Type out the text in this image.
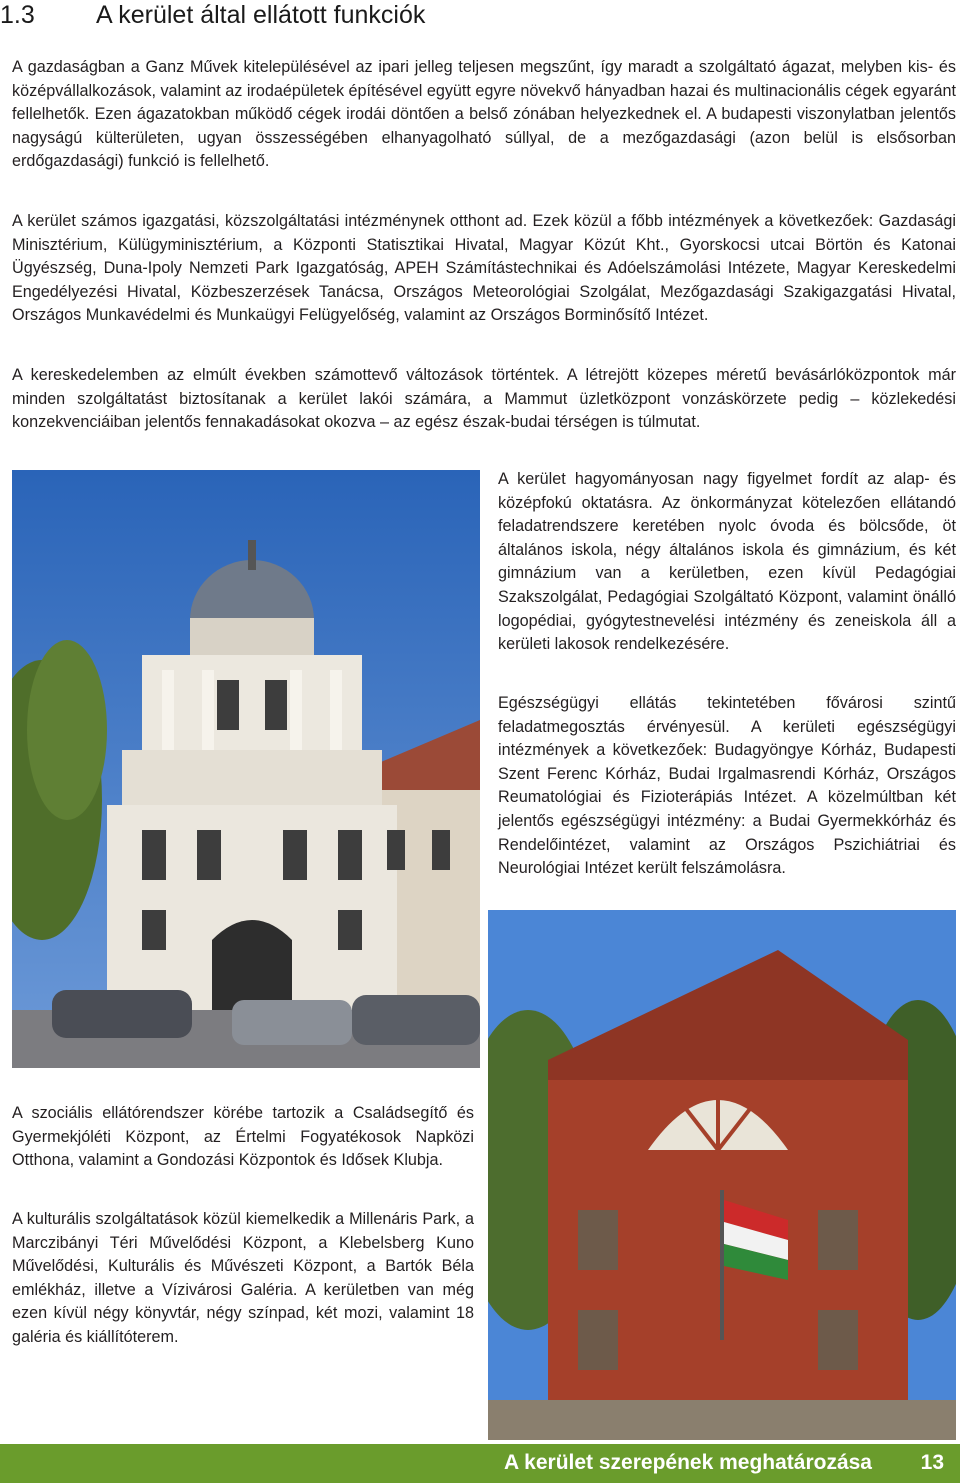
1.3 A kerület által ellátott funkciók

A gazdaságban a Ganz Művek kitelepülésével az ipari jelleg teljesen megszűnt, így maradt a szolgáltató ágazat, melyben kis- és középvállalkozások, valamint az irodaépületek építésével együtt egyre növekvő hányadban hazai és multinacionális cégek egyaránt fellelhetők. Ezen ágazatokban működő cégek irodái döntően a belső zónában helyezkednek el. A budapesti viszonylatban jelentős nagyságú külterületen, ugyan összességében elhanyagolható súllyal, de a mezőgazdasági (azon belül is elsősorban erdőgazdasági) funkció is fellelhető.

A kerület számos igazgatási, közszolgáltatási intézménynek otthont ad. Ezek közül a főbb intézmények a következőek: Gazdasági Minisztérium, Külügyminisztérium, a Központi Statisztikai Hivatal, Magyar Közút Kht., Gyorskocsi utcai Börtön és Katonai Ügyészség, Duna-Ipoly Nemzeti Park Igazgatóság, APEH Számítástechnikai és Adóelszámolási Intézete, Magyar Kereskedelmi Engedélyezési Hivatal, Közbeszerzések Tanácsa, Országos Meteorológiai Szolgálat, Mezőgazdasági Szakigazgatási Hivatal, Országos Munkavédelmi és Munkaügyi Felügyelőség, valamint az Országos Borminősítő Intézet.

A kereskedelemben az elmúlt években számottevő változások történtek. A létrejött közepes méretű bevásárlóközpontok már minden szolgáltatást biztosítanak a kerület lakói számára, a Mammut üzletközpont vonzáskörzete pedig – közlekedési konzekvenciáiban jelentős fennakadásokat okozva – az egész észak-budai térségen is túlmutat.

A kerület hagyományosan nagy figyelmet fordít az alap- és középfokú oktatásra. Az önkormányzat kötelezően ellátandó feladatrendszere keretében nyolc óvoda és bölcsőde, öt általános iskola, négy általános iskola és gimnázium, és két gimnázium van a kerületben, ezen kívül Pedagógiai Szakszolgálat, Pedagógiai Szolgáltató Központ, valamint önálló logopédiai, gyógytestnevelési intézmény és zeneiskola áll a kerületi lakosok rendelkezésére.

Egészségügyi ellátás tekintetében fővárosi szintű feladatmegosztás érvényesül. A kerületi egészségügyi intézmények a következőek: Budagyöngye Kórház, Budapesti Szent Ferenc Kórház, Budai Irgalmasrendi Kórház, Országos Reumatológiai és Fizioterápiás Intézet. A közelmúltban két jelentős egészségügyi intézmény: a Budai Gyermekkórház és Rendelőintézet, valamint az Országos Pszichiátriai és Neurológiai Intézet került felszámolásra.

A szociális ellátórendszer körébe tartozik a Családsegítő és Gyermekjóléti Központ, az Értelmi Fogyatékosok Napközi Otthona, valamint a Gondozási Központok és Idősek Klubja.

A kulturális szolgáltatások közül kiemelkedik a Millenáris Park, a Marczibányi Téri Művelődési Központ, a Klebelsberg Kuno Művelődési, Kulturális és Művészeti Központ, a Bartók Béla emlékház, illetve a Vízivárosi Galéria. A kerületben van még ezen kívül négy könyvtár, négy színpad, két mozi, valamint 18 galéria és kiállítóterem.

A kerület szerepének meghatározása 13
